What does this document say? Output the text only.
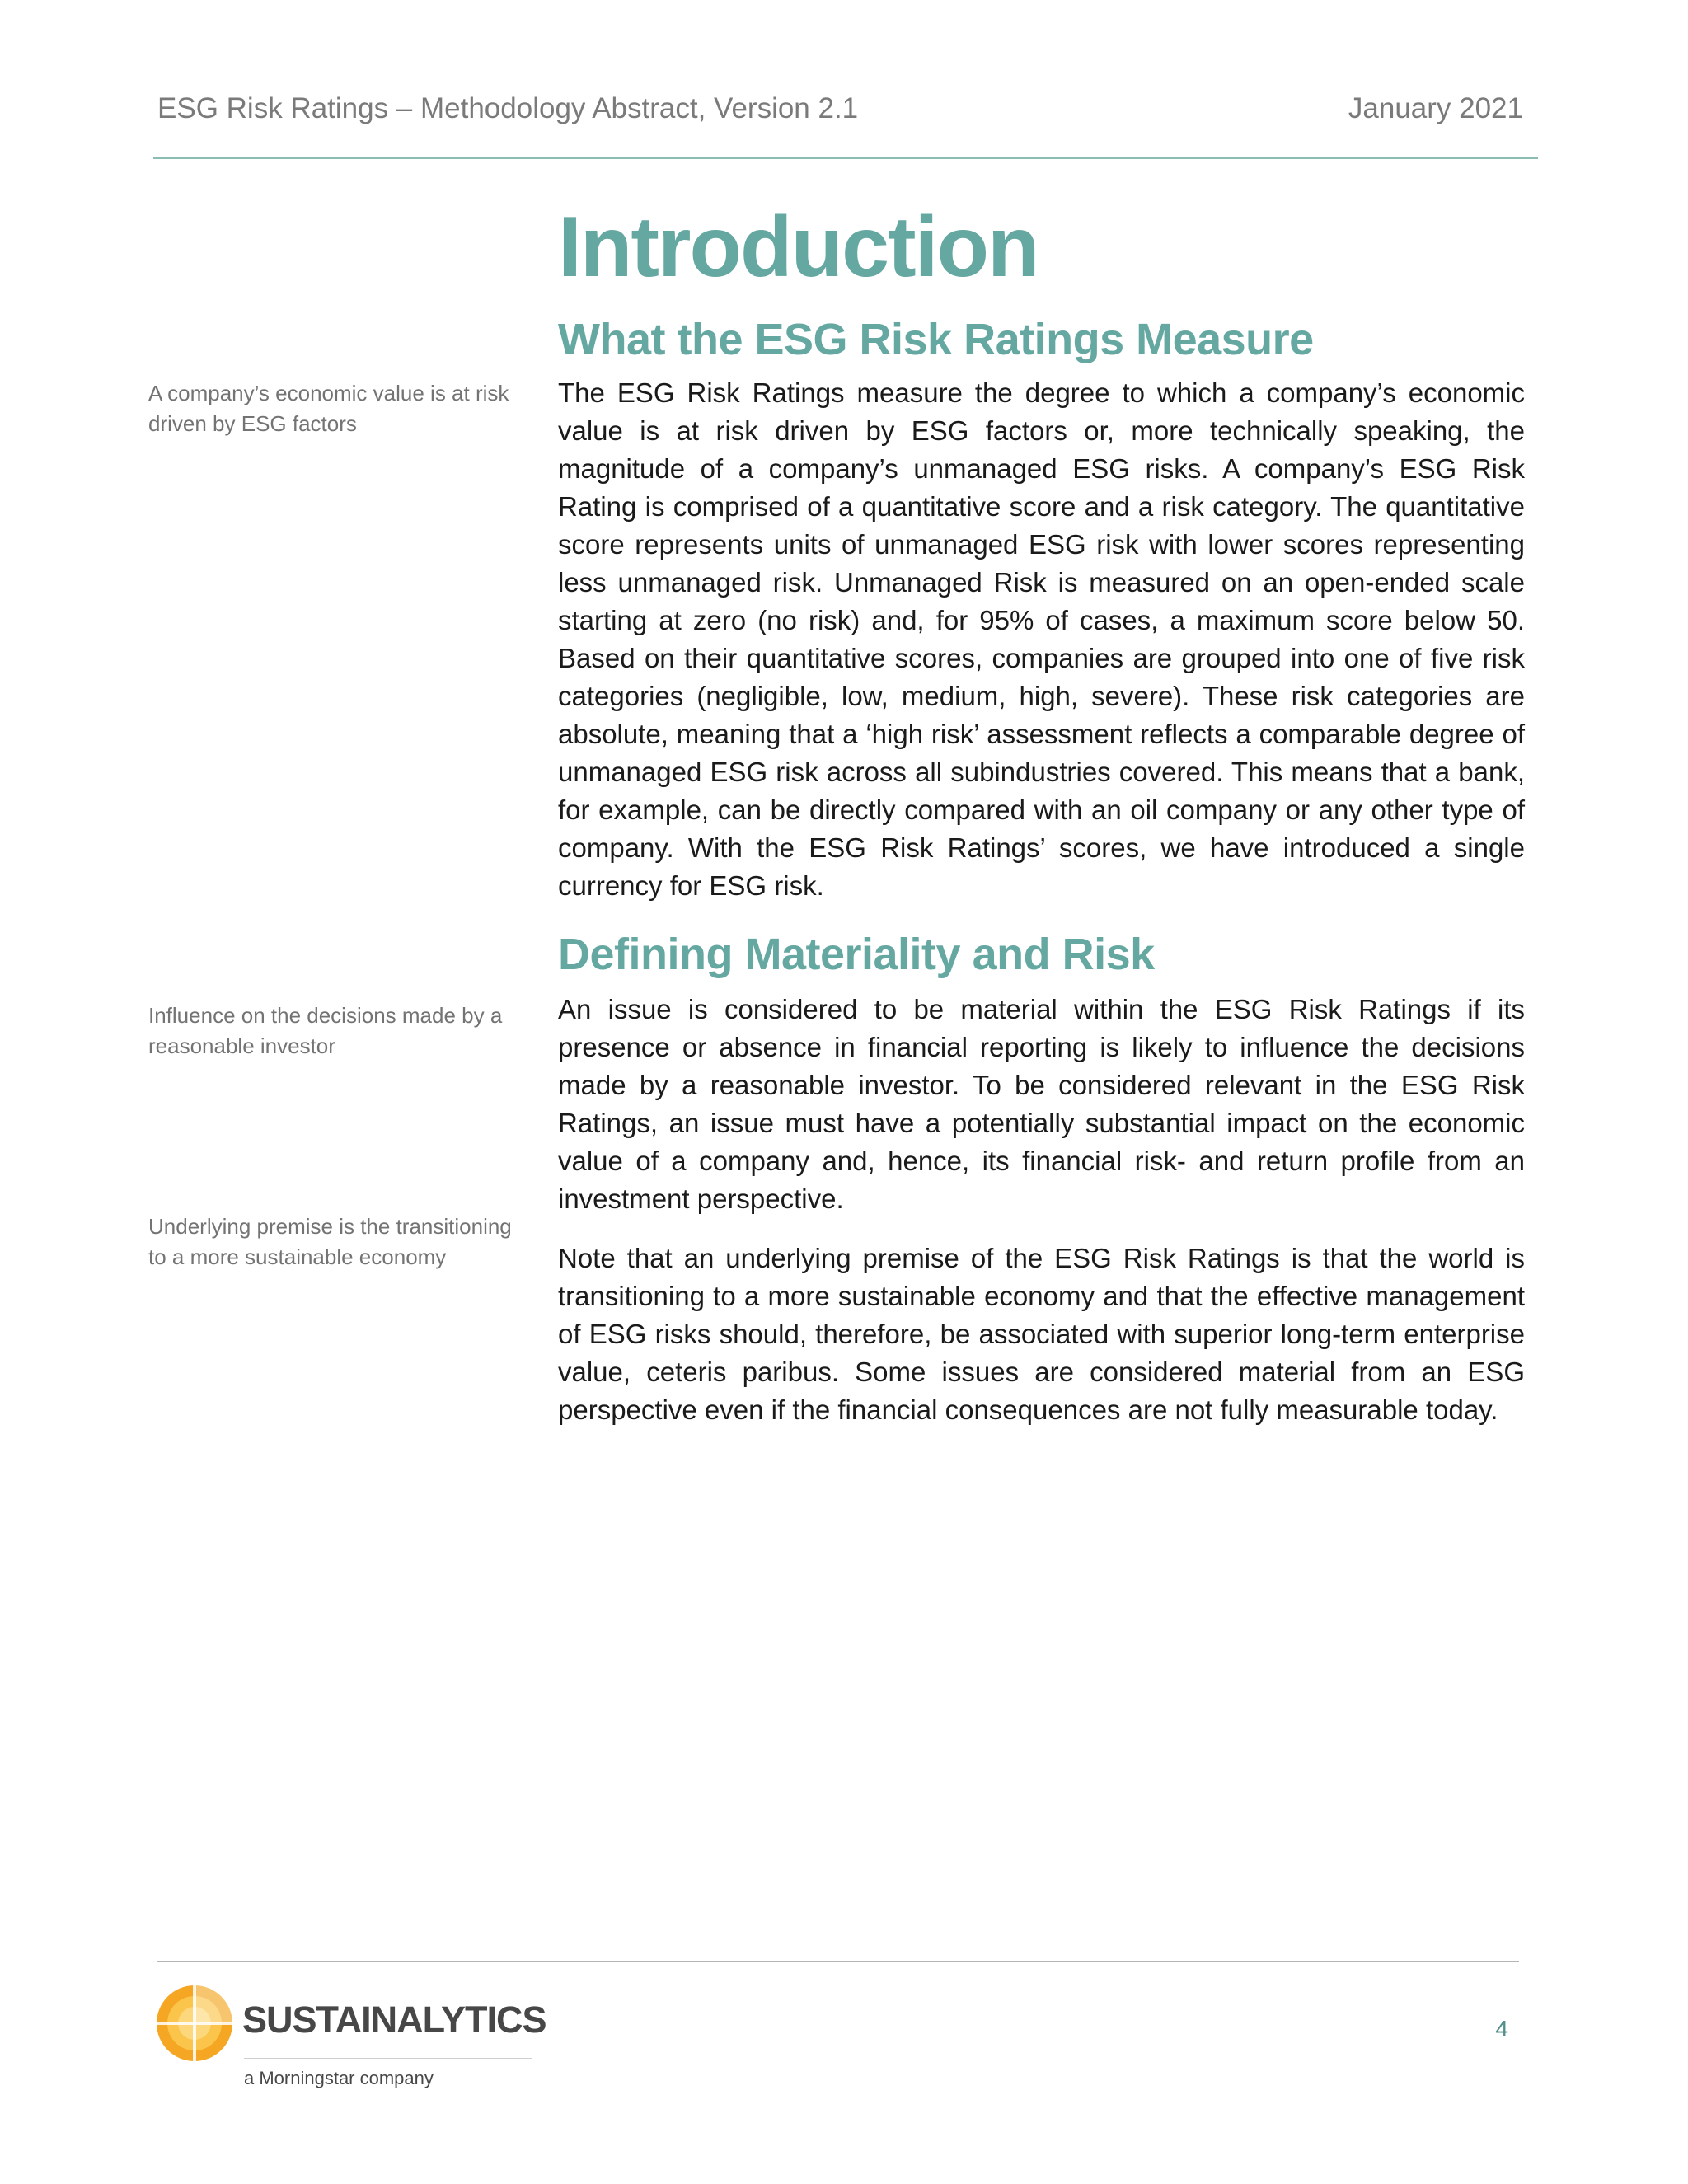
ESG Risk Ratings – Methodology Abstract, Version 2.1	January 2021

A company’s economic value is at risk driven by ESG factors

Influence on the decisions made by a reasonable investor

Underlying premise is the transitioning to a more sustainable economy

Introduction
What the ESG Risk Ratings Measure

The ESG Risk Ratings measure the degree to which a company’s economic value is at risk driven by ESG factors or, more technically speaking, the magnitude of a company’s unmanaged ESG risks. A company’s ESG Risk Rating is comprised of a quantitative score and a risk category. The quantitative score represents units of unmanaged ESG risk with lower scores representing less unmanaged risk. Unmanaged Risk is measured on an open-ended scale starting at zero (no risk) and, for 95% of cases, a maximum score below 50. Based on their quantitative scores, companies are grouped into one of five risk categories (negligible, low, medium, high, severe). These risk categories are absolute, meaning that a ‘high risk’ assessment reflects a comparable degree of unmanaged ESG risk across all subindustries covered. This means that a bank, for example, can be directly compared with an oil company or any other type of company. With the ESG Risk Ratings’ scores, we have introduced a single currency for ESG risk.

Defining Materiality and Risk

An issue is considered to be material within the ESG Risk Ratings if its presence or absence in financial reporting is likely to influence the decisions made by a reasonable investor. To be considered relevant in the ESG Risk Ratings, an issue must have a potentially substantial impact on the economic value of a company and, hence, its financial risk- and return profile from an investment perspective.

Note that an underlying premise of the ESG Risk Ratings is that the world is transitioning to a more sustainable economy and that the effective management of ESG risks should, therefore, be associated with superior long-term enterprise value, ceteris paribus. Some issues are considered material from an ESG perspective even if the financial consequences are not fully measurable today.

SUSTAINALYTICS
a Morningstar company
4
